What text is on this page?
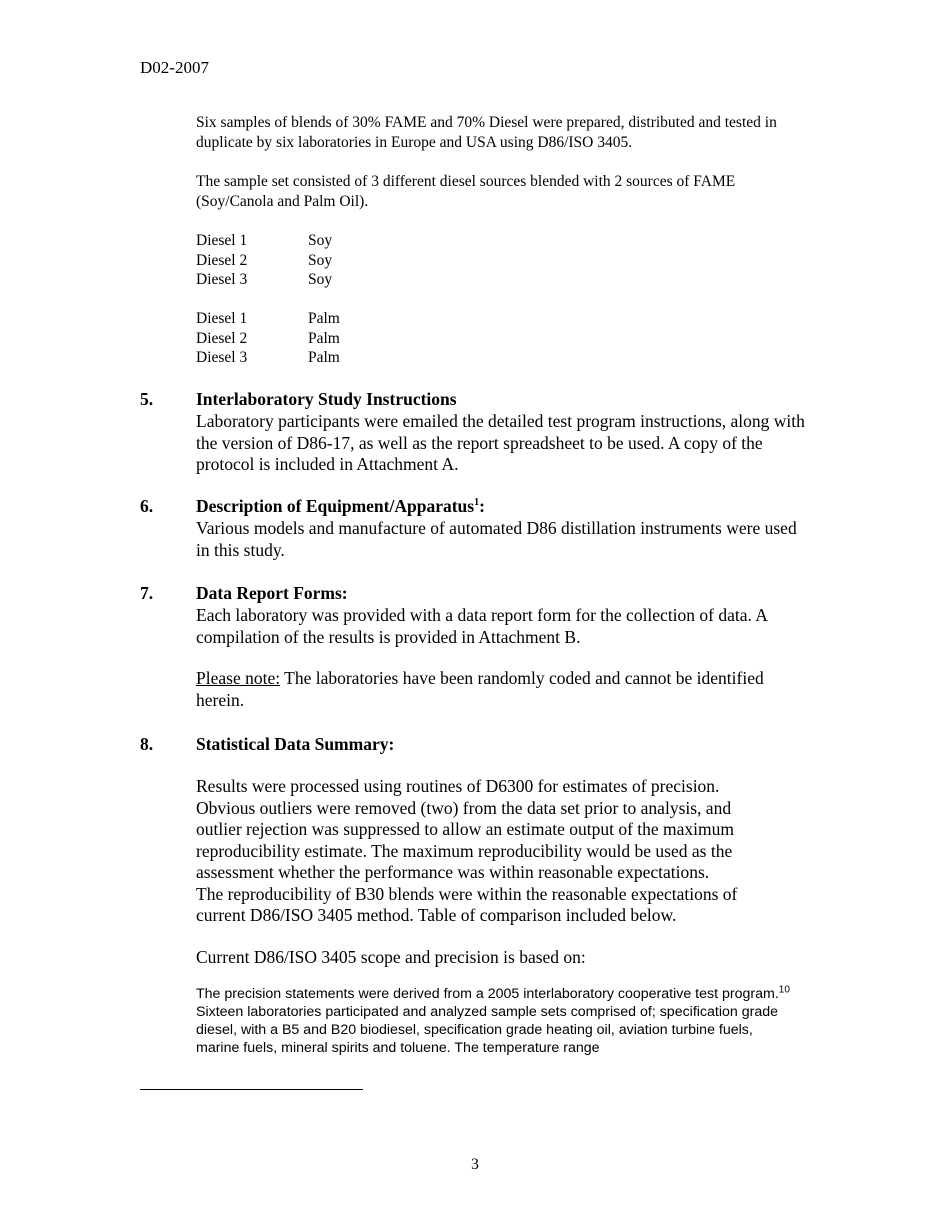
D02-2007
Six samples of blends of 30% FAME and 70% Diesel were prepared, distributed and tested in duplicate by six laboratories in Europe and USA using D86/ISO 3405.
The sample set consisted of 3 different diesel sources blended with 2 sources of FAME (Soy/Canola and Palm Oil).
Diesel 1	Soy
Diesel 2	Soy
Diesel 3	Soy
Diesel 1	Palm
Diesel 2	Palm
Diesel 3	Palm
5. Interlaboratory Study Instructions
Laboratory participants were emailed the detailed test program instructions, along with the version of D86-17, as well as the report spreadsheet to be used. A copy of the protocol is included in Attachment A.
6. Description of Equipment/Apparatus$^1$:
Various models and manufacture of automated D86 distillation instruments were used in this study.
7. Data Report Forms:
Each laboratory was provided with a data report form for the collection of data. A compilation of the results is provided in Attachment B.
Please note: The laboratories have been randomly coded and cannot be identified herein.
8. Statistical Data Summary:
Results were processed using routines of D6300 for estimates of precision.
Obvious outliers were removed (two) from the data set prior to analysis, and
outlier rejection was suppressed to allow an estimate output of the maximum
reproducibility estimate. The maximum reproducibility would be used as the
assessment whether the performance was within reasonable expectations.
The reproducibility of B30 blends were within the reasonable expectations of
current D86/ISO 3405 method. Table of comparison included below.
Current D86/ISO 3405 scope and precision is based on:
The precision statements were derived from a 2005 interlaboratory cooperative test program.$^{10}$ Sixteen laboratories participated and analyzed sample sets comprised of; specification grade diesel, with a B5 and B20 biodiesel, specification grade heating oil, aviation turbine fuels, marine fuels, mineral spirits and toluene. The temperature range
3
